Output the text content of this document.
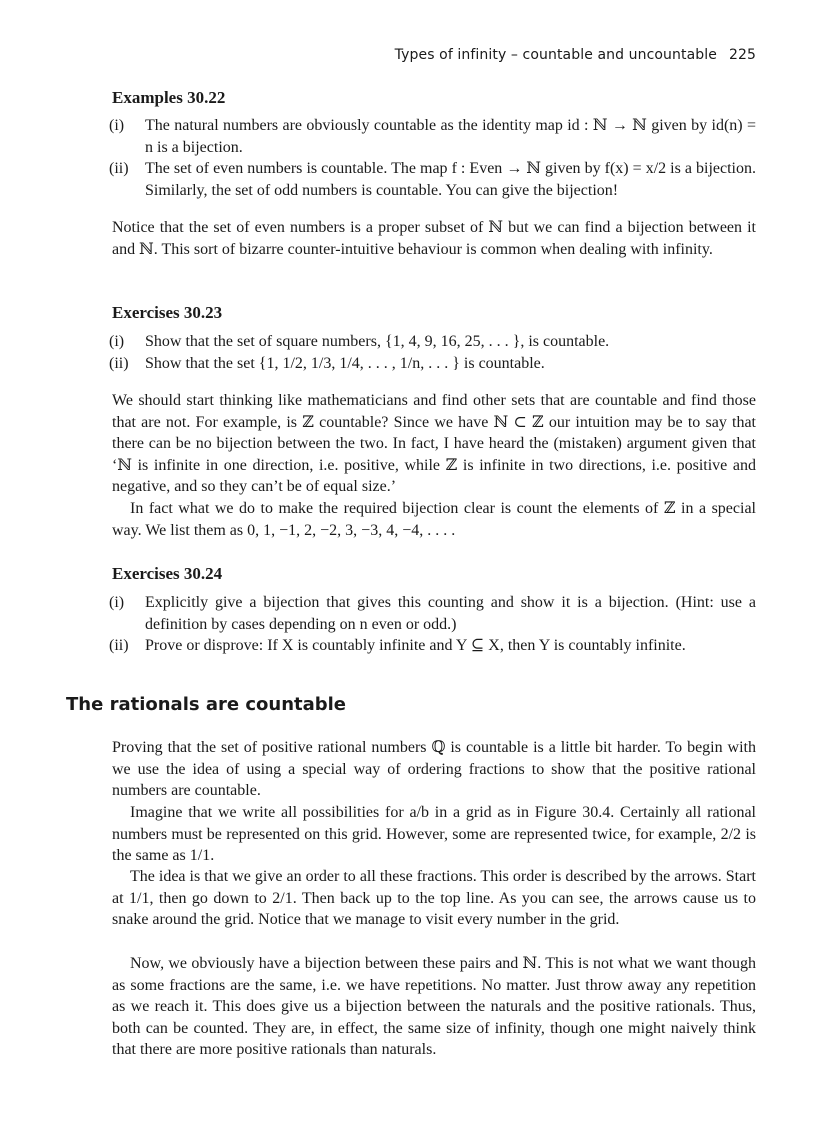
Types of infinity – countable and uncountable 225

Examples 30.22

(i) The natural numbers are obviously countable as the identity map id : ℕ → ℕ given by id(n) = n is a bijection.
(ii) The set of even numbers is countable. The map f : Even → ℕ given by f(x) = x/2 is a bijection. Similarly, the set of odd numbers is countable. You can give the bijection!

Notice that the set of even numbers is a proper subset of ℕ but we can find a bijection between it and ℕ. This sort of bizarre counter-intuitive behaviour is common when dealing with infinity.

Exercises 30.23

(i) Show that the set of square numbers, {1, 4, 9, 16, 25, . . . }, is countable.
(ii) Show that the set {1, 1/2, 1/3, 1/4, . . . , 1/n, . . . } is countable.

We should start thinking like mathematicians and find other sets that are countable and find those that are not. For example, is ℤ countable? Since we have ℕ ⊂ ℤ our intuition may be to say that there can be no bijection between the two. In fact, I have heard the (mistaken) argument given that ‘ℕ is infinite in one direction, i.e. positive, while ℤ is infinite in two directions, i.e. positive and negative, and so they can’t be of equal size.’

In fact what we do to make the required bijection clear is count the elements of ℤ in a special way. We list them as 0, 1, −1, 2, −2, 3, −3, 4, −4, . . . .

Exercises 30.24

(i) Explicitly give a bijection that gives this counting and show it is a bijection. (Hint: use a definition by cases depending on n even or odd.)
(ii) Prove or disprove: If X is countably infinite and Y ⊆ X, then Y is countably infinite.
The rationals are countable

Proving that the set of positive rational numbers ℚ is countable is a little bit harder. To begin with we use the idea of using a special way of ordering fractions to show that the positive rational numbers are countable.

Imagine that we write all possibilities for a/b in a grid as in Figure 30.4. Certainly all rational numbers must be represented on this grid. However, some are represented twice, for example, 2/2 is the same as 1/1.

The idea is that we give an order to all these fractions. This order is described by the arrows. Start at 1/1, then go down to 2/1. Then back up to the top line. As you can see, the arrows cause us to snake around the grid. Notice that we manage to visit every number in the grid.

Now, we obviously have a bijection between these pairs and ℕ. This is not what we want though as some fractions are the same, i.e. we have repetitions. No matter. Just throw away any repetition as we reach it. This does give us a bijection between the naturals and the positive rationals. Thus, both can be counted. They are, in effect, the same size of infinity, though one might naively think that there are more positive rationals than naturals.
